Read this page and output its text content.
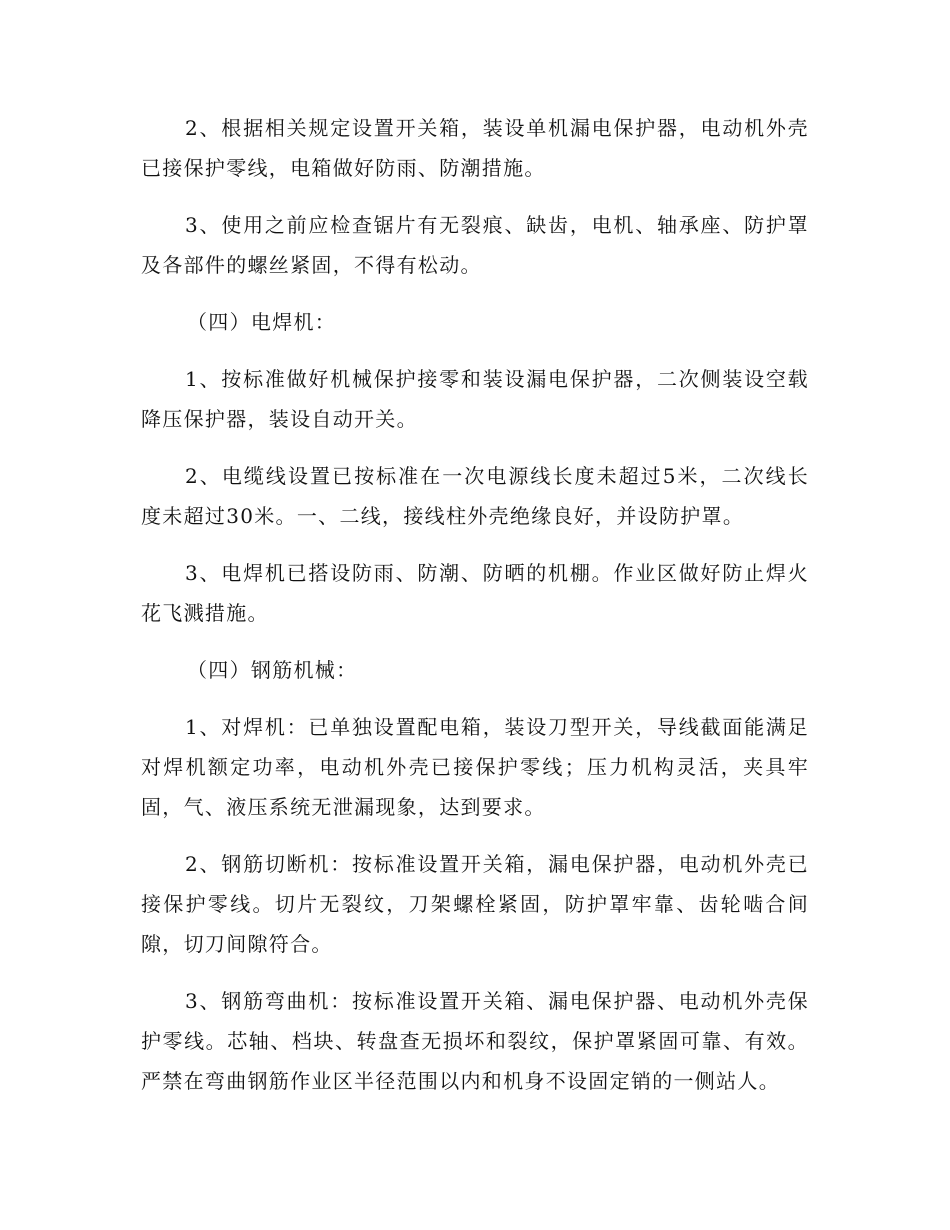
2、根据相关规定设置开关箱，装设单机漏电保护器，电动机外壳已接保护零线，电箱做好防雨、防潮措施。

3、使用之前应检查锯片有无裂痕、缺齿，电机、轴承座、防护罩及各部件的螺丝紧固，不得有松动。

（四）电焊机：

1、按标准做好机械保护接零和装设漏电保护器，二次侧装设空载降压保护器，装设自动开关。

2、电缆线设置已按标准在一次电源线长度未超过5米，二次线长度未超过30米。一、二线，接线柱外壳绝缘良好，并设防护罩。

3、电焊机已搭设防雨、防潮、防晒的机棚。作业区做好防止焊火花飞溅措施。

（四）钢筋机械：

1、对焊机：已单独设置配电箱，装设刀型开关，导线截面能满足对焊机额定功率，电动机外壳已接保护零线；压力机构灵活，夹具牢固，气、液压系统无泄漏现象，达到要求。

2、钢筋切断机：按标准设置开关箱，漏电保护器，电动机外壳已接保护零线。切片无裂纹，刀架螺栓紧固，防护罩牢靠、齿轮啮合间隙，切刀间隙符合。

3、钢筋弯曲机：按标准设置开关箱、漏电保护器、电动机外壳保护零线。芯轴、档块、转盘查无损坏和裂纹，保护罩紧固可靠、有效。严禁在弯曲钢筋作业区半径范围以内和机身不设固定销的一侧站人。
